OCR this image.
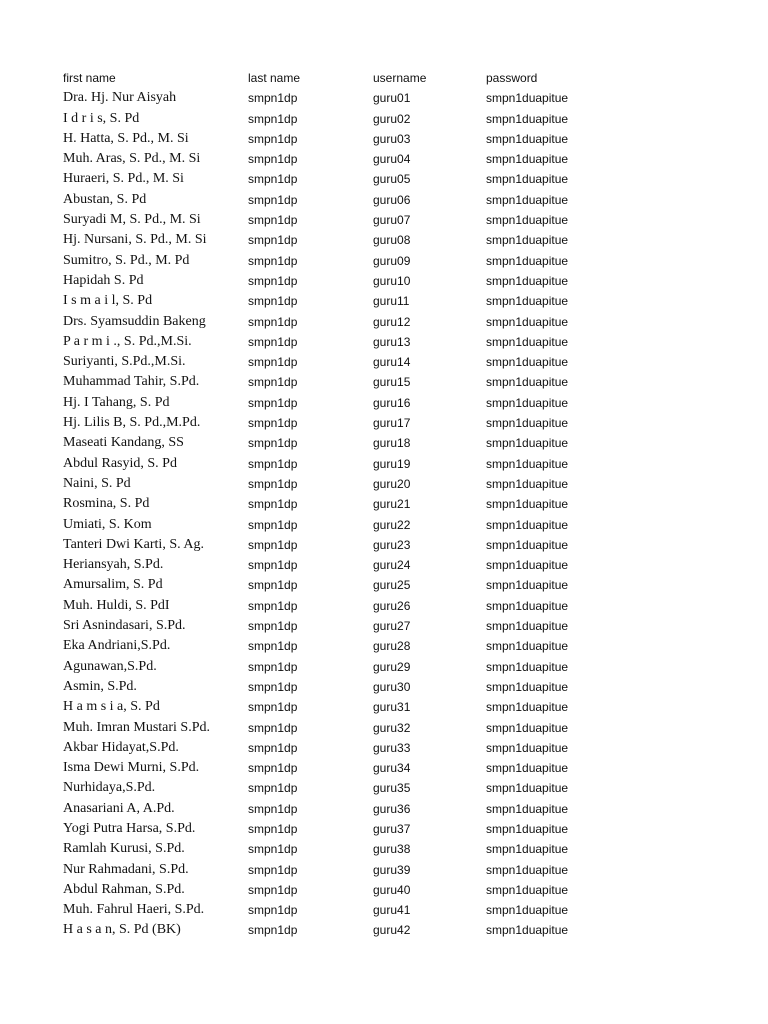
first name	last name	username	password
Dra. Hj. Nur Aisyah	smpn1dp	guru01	smpn1duapitue
I d r i s, S. Pd	smpn1dp	guru02	smpn1duapitue
H. Hatta, S. Pd., M. Si	smpn1dp	guru03	smpn1duapitue
Muh. Aras, S. Pd., M. Si	smpn1dp	guru04	smpn1duapitue
Huraeri, S. Pd., M. Si	smpn1dp	guru05	smpn1duapitue
Abustan, S. Pd	smpn1dp	guru06	smpn1duapitue
Suryadi M, S. Pd., M. Si	smpn1dp	guru07	smpn1duapitue
Hj. Nursani, S. Pd., M. Si	smpn1dp	guru08	smpn1duapitue
Sumitro, S. Pd., M. Pd	smpn1dp	guru09	smpn1duapitue
Hapidah S. Pd	smpn1dp	guru10	smpn1duapitue
I s m a i l, S. Pd	smpn1dp	guru11	smpn1duapitue
Drs. Syamsuddin Bakeng	smpn1dp	guru12	smpn1duapitue
P a r m i ., S. Pd.,M.Si.	smpn1dp	guru13	smpn1duapitue
Suriyanti, S.Pd.,M.Si.	smpn1dp	guru14	smpn1duapitue
Muhammad Tahir, S.Pd.	smpn1dp	guru15	smpn1duapitue
Hj. I Tahang, S. Pd	smpn1dp	guru16	smpn1duapitue
Hj. Lilis B, S. Pd.,M.Pd.	smpn1dp	guru17	smpn1duapitue
Maseati Kandang, SS	smpn1dp	guru18	smpn1duapitue
Abdul Rasyid, S. Pd	smpn1dp	guru19	smpn1duapitue
Naini, S. Pd	smpn1dp	guru20	smpn1duapitue
Rosmina, S. Pd	smpn1dp	guru21	smpn1duapitue
Umiati, S. Kom	smpn1dp	guru22	smpn1duapitue
Tanteri Dwi Karti, S. Ag.	smpn1dp	guru23	smpn1duapitue
Heriansyah, S.Pd.	smpn1dp	guru24	smpn1duapitue
Amursalim, S. Pd	smpn1dp	guru25	smpn1duapitue
Muh. Huldi, S. PdI	smpn1dp	guru26	smpn1duapitue
Sri Asnindasari, S.Pd.	smpn1dp	guru27	smpn1duapitue
Eka Andriani,S.Pd.	smpn1dp	guru28	smpn1duapitue
Agunawan,S.Pd.	smpn1dp	guru29	smpn1duapitue
Asmin, S.Pd.	smpn1dp	guru30	smpn1duapitue
H a m s i a, S. Pd	smpn1dp	guru31	smpn1duapitue
Muh. Imran Mustari S.Pd.	smpn1dp	guru32	smpn1duapitue
Akbar Hidayat,S.Pd.	smpn1dp	guru33	smpn1duapitue
Isma Dewi Murni, S.Pd.	smpn1dp	guru34	smpn1duapitue
Nurhidaya,S.Pd.	smpn1dp	guru35	smpn1duapitue
Anasariani A, A.Pd.	smpn1dp	guru36	smpn1duapitue
Yogi Putra Harsa, S.Pd.	smpn1dp	guru37	smpn1duapitue
Ramlah Kurusi, S.Pd.	smpn1dp	guru38	smpn1duapitue
Nur Rahmadani, S.Pd.	smpn1dp	guru39	smpn1duapitue
Abdul Rahman, S.Pd.	smpn1dp	guru40	smpn1duapitue
Muh. Fahrul Haeri, S.Pd.	smpn1dp	guru41	smpn1duapitue
H a s a n, S. Pd (BK)	smpn1dp	guru42	smpn1duapitue
